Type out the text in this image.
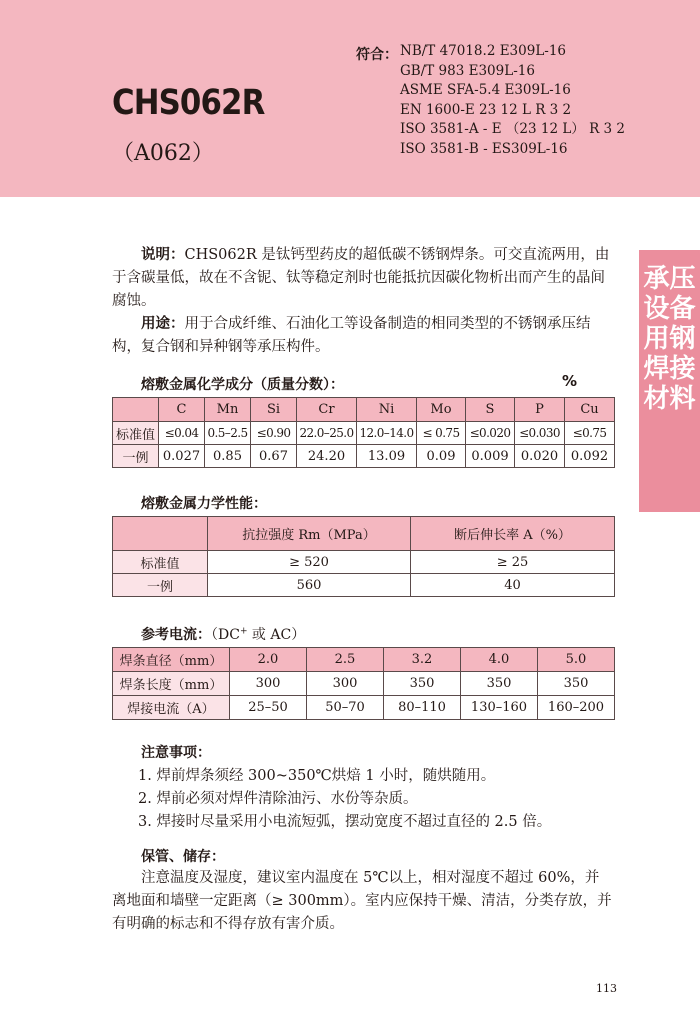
CHS062R
（A062）
符合： NB/T 47018.2 E309L-16
GB/T 983 E309L-16
ASME SFA-5.4 E309L-16
EN 1600-E 23 12 L R 3 2
ISO 3581-A - E （23 12 L） R 3 2
ISO 3581-B - ES309L-16
承压设备用钢焊接材料

说明：CHS062R 是钛钙型药皮的超低碳不锈钢焊条。可交直流两用，由于含碳量低，故在不含铌、钛等稳定剂时也能抵抗因碳化物析出而产生的晶间腐蚀。

用途：用于合成纤维、石油化工等设备制造的相同类型的不锈钢承压结构，复合钢和异种钢等承压构件。

熔敷金属化学成分（质量分数）：	%
	C	Mn	Si	Cr	Ni	Mo	S	P	Cu
标准值	≤0.04	0.5–2.5	≤0.90	22.0–25.0	12.0–14.0	≤ 0.75	≤0.020	≤0.030	≤0.75
一例	0.027	0.85	0.67	24.20	13.09	0.09	0.009	0.020	0.092
熔敷金属力学性能：
	抗拉强度 Rm（MPa）	断后伸长率 A（%）
标准值	≥ 520	≥ 25
一例	560	40
参考电流：（DC+ 或 AC）
焊条直径（mm）	2.0	2.5	3.2	4.0	5.0
焊条长度（mm）	300	300	350	350	350
焊接电流（A）	25–50	50–70	80–110	130–160	160–200
注意事项：
1. 焊前焊条须经 300~350℃烘焙 1 小时，随烘随用。
2. 焊前必须对焊件清除油污、水份等杂质。
3. 焊接时尽量采用小电流短弧，摆动宽度不超过直径的 2.5 倍。
保管、储存：

注意温度及湿度，建议室内温度在 5℃以上，相对湿度不超过 60%，并离地面和墙壁一定距离（≥ 300mm）。室内应保持干燥、清洁，分类存放，并有明确的标志和不得存放有害介质。

113
